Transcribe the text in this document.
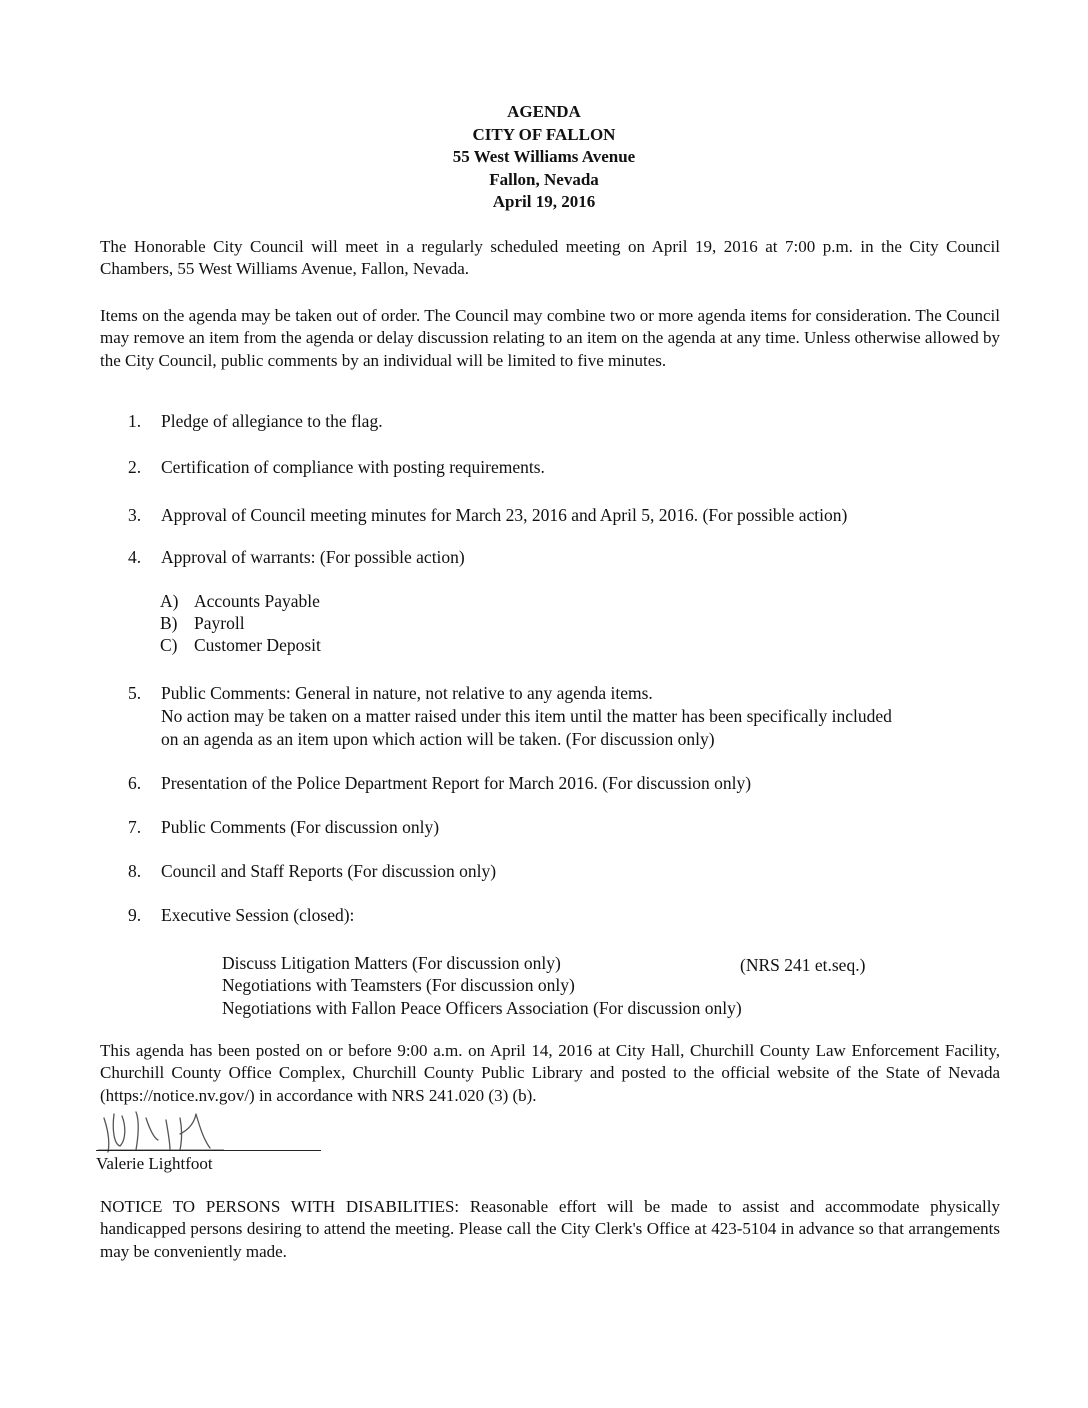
AGENDA
CITY OF FALLON
55 West Williams Avenue
Fallon, Nevada
April 19, 2016
The Honorable City Council will meet in a regularly scheduled meeting on April 19, 2016 at 7:00 p.m. in the City Council Chambers, 55 West Williams Avenue, Fallon, Nevada.
Items on the agenda may be taken out of order. The Council may combine two or more agenda items for consideration. The Council may remove an item from the agenda or delay discussion relating to an item on the agenda at any time. Unless otherwise allowed by the City Council, public comments by an individual will be limited to five minutes.
1.	Pledge of allegiance to the flag.
2.	Certification of compliance with posting requirements.
3.	Approval of Council meeting minutes for March 23, 2016 and April 5, 2016. (For possible action)
4.	Approval of warrants: (For possible action)
A) Accounts Payable
B) Payroll
C) Customer Deposit
5.	Public Comments: General in nature, not relative to any agenda items.
No action may be taken on a matter raised under this item until the matter has been specifically included
on an agenda as an item upon which action will be taken. (For discussion only)
6.	Presentation of the Police Department Report for March 2016. (For discussion only)
7.	Public Comments (For discussion only)
8.	Council and Staff Reports (For discussion only)
9.	Executive Session (closed):
Discuss Litigation Matters (For discussion only)	(NRS 241 et.seq.)
Negotiations with Teamsters (For discussion only)
Negotiations with Fallon Peace Officers Association (For discussion only)
This agenda has been posted on or before 9:00 a.m. on April 14, 2016 at City Hall, Churchill County Law Enforcement Facility, Churchill County Office Complex, Churchill County Public Library and posted to the official website of the State of Nevada (https://notice.nv.gov/) in accordance with NRS 241.020 (3) (b).
Valerie Lightfoot
NOTICE TO PERSONS WITH DISABILITIES: Reasonable effort will be made to assist and accommodate physically handicapped persons desiring to attend the meeting. Please call the City Clerk's Office at 423-5104 in advance so that arrangements may be conveniently made.
